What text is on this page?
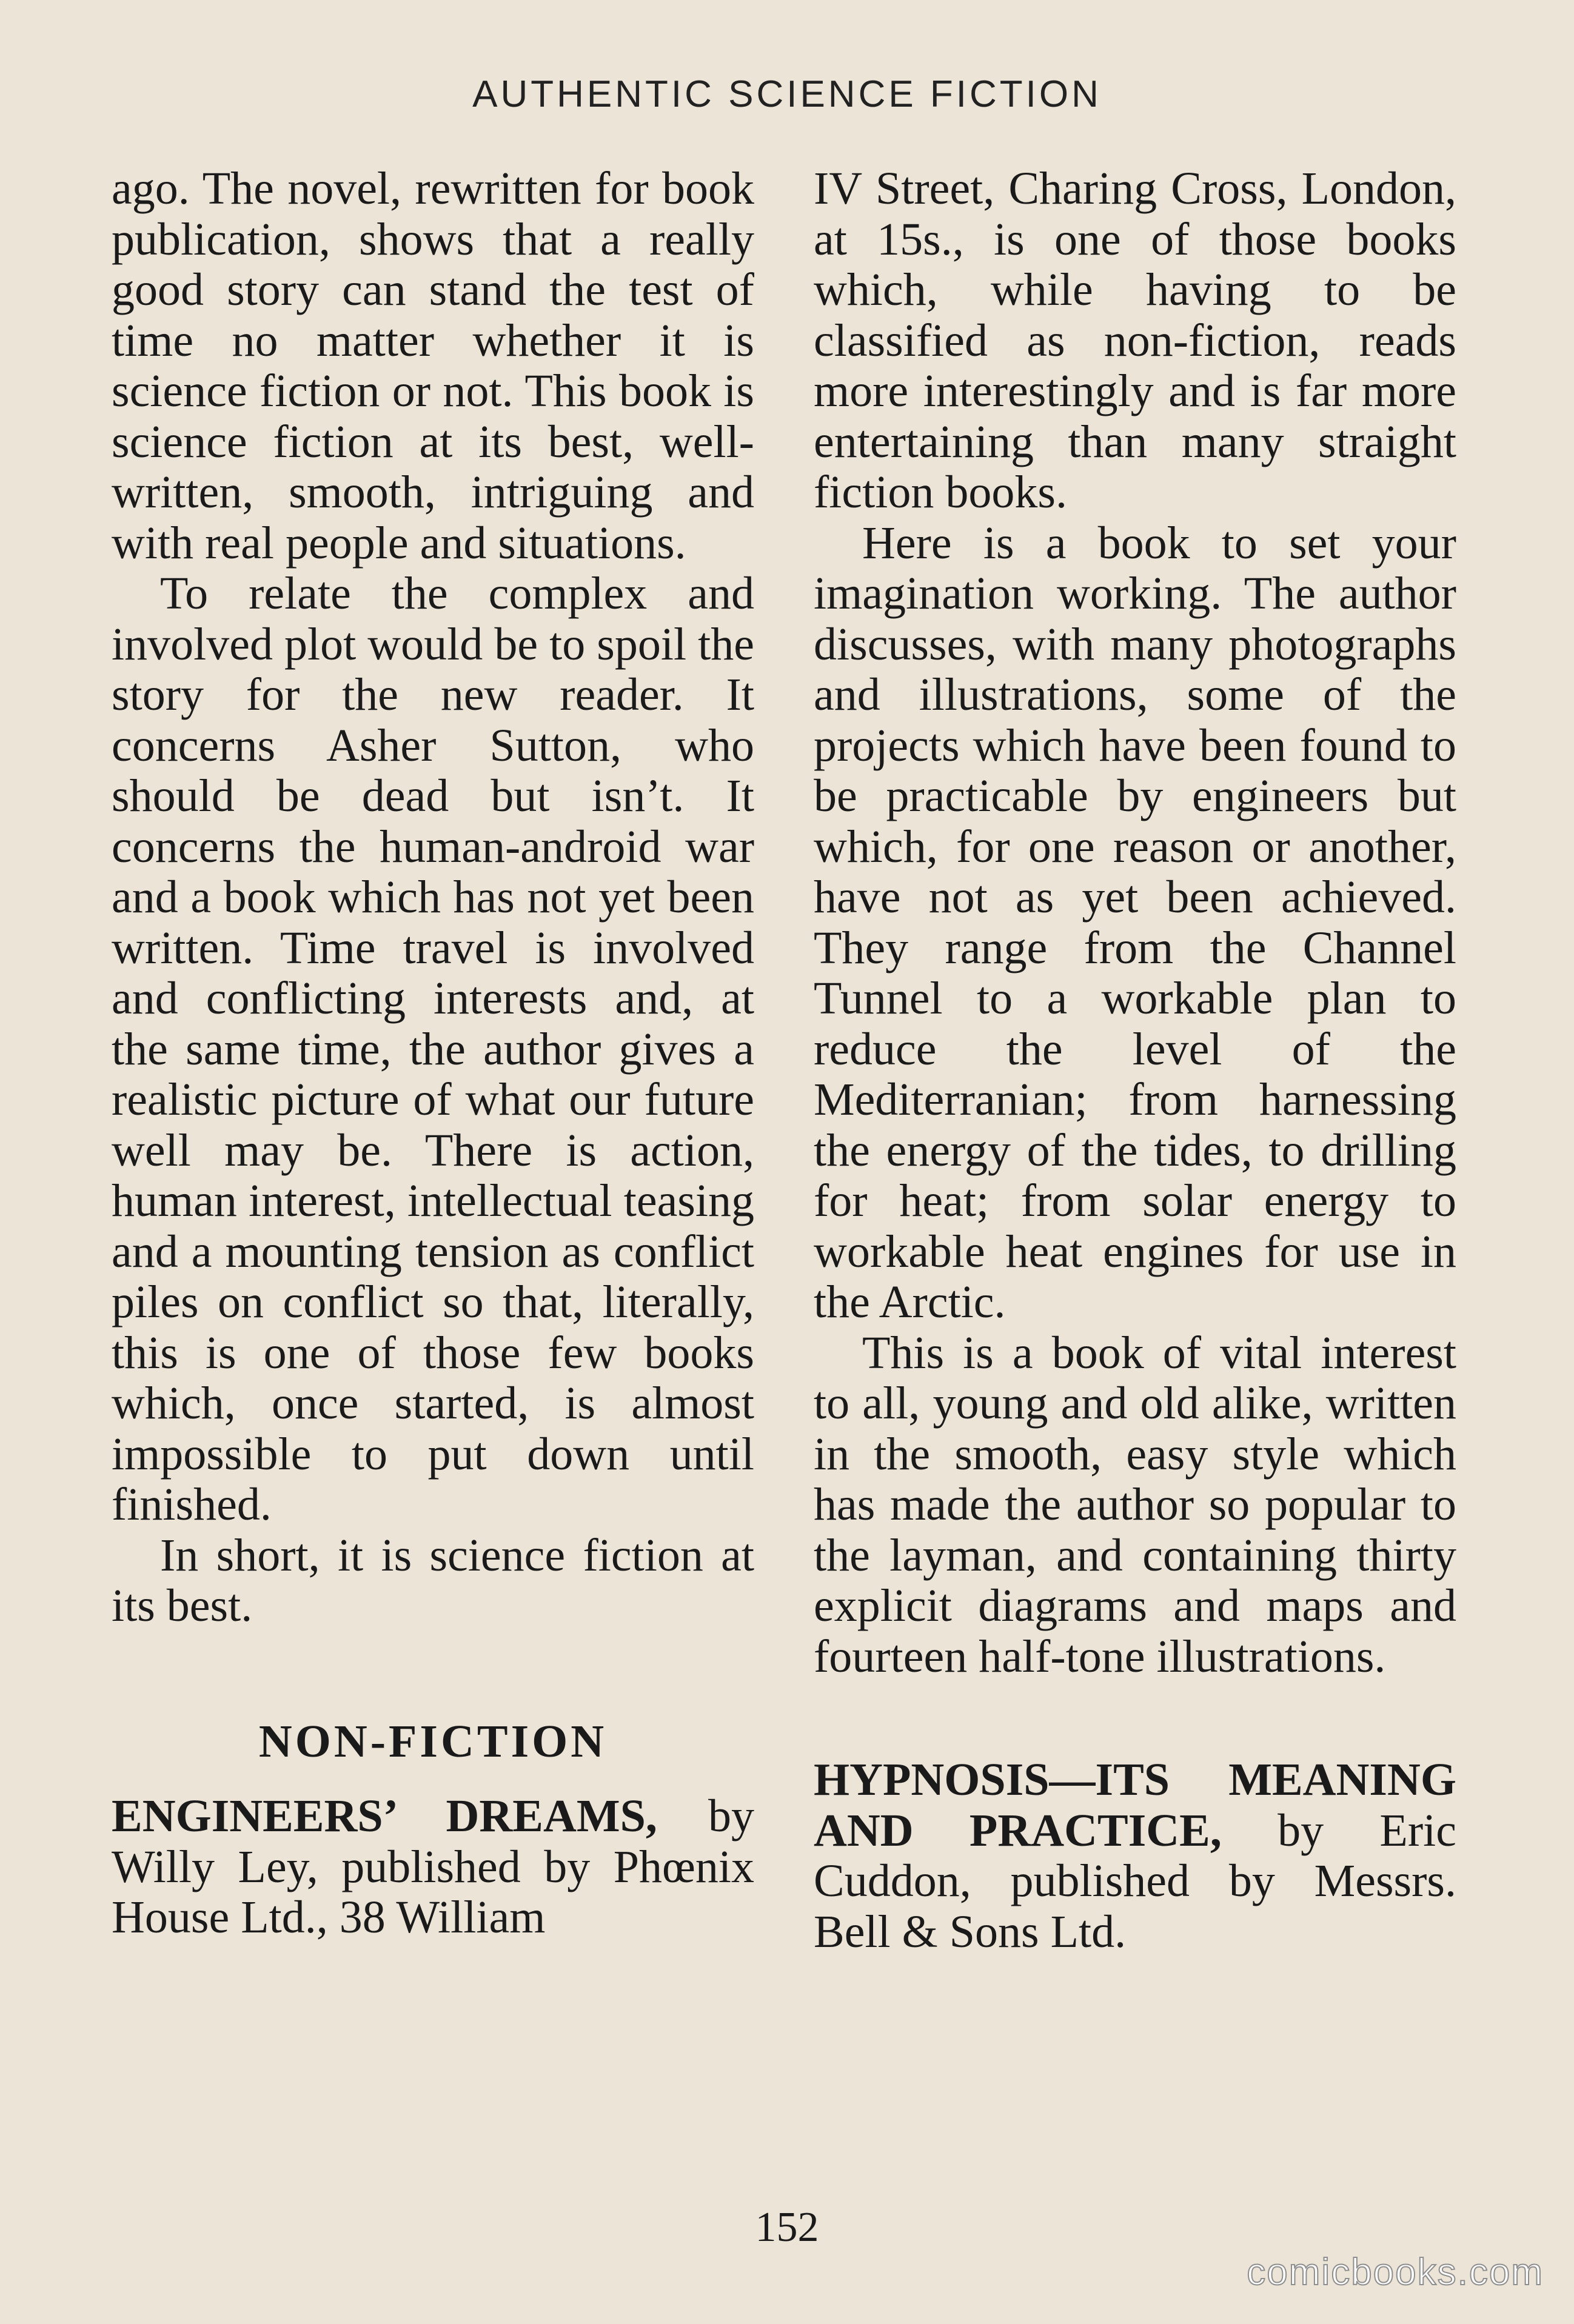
AUTHENTIC SCIENCE FICTION

ago. The novel, rewritten for book publication, shows that a really good story can stand the test of time no matter whether it is science fiction or not. This book is science fiction at its best, well-written, smooth, intriguing and with real people and situations.

To relate the complex and involved plot would be to spoil the story for the new reader. It concerns Asher Sutton, who should be dead but isn’t. It concerns the human-android war and a book which has not yet been written. Time travel is involved and conflicting interests and, at the same time, the author gives a realistic picture of what our future well may be. There is action, human interest, intellectual teasing and a mounting tension as conflict piles on conflict so that, literally, this is one of those few books which, once started, is almost impossible to put down until finished.

In short, it is science fiction at its best.

NON-FICTION

ENGINEERS’ DREAMS, by Willy Ley, published by Phœnix House Ltd., 38 William

IV Street, Charing Cross, London, at 15s., is one of those books which, while having to be classified as non-fiction, reads more interestingly and is far more entertaining than many straight fiction books.

Here is a book to set your imagination working. The author discusses, with many photographs and illustrations, some of the projects which have been found to be practicable by engineers but which, for one reason or another, have not as yet been achieved. They range from the Channel Tunnel to a workable plan to reduce the level of the Mediterranian; from harnessing the energy of the tides, to drilling for heat; from solar energy to workable heat engines for use in the Arctic.

This is a book of vital interest to all, young and old alike, written in the smooth, easy style which has made the author so popular to the layman, and containing thirty explicit diagrams and maps and fourteen half-tone illustrations.

HYPNOSIS—ITS MEANING AND PRACTICE, by Eric Cuddon, published by Messrs. Bell & Sons Ltd.

152
comicbooks.com
